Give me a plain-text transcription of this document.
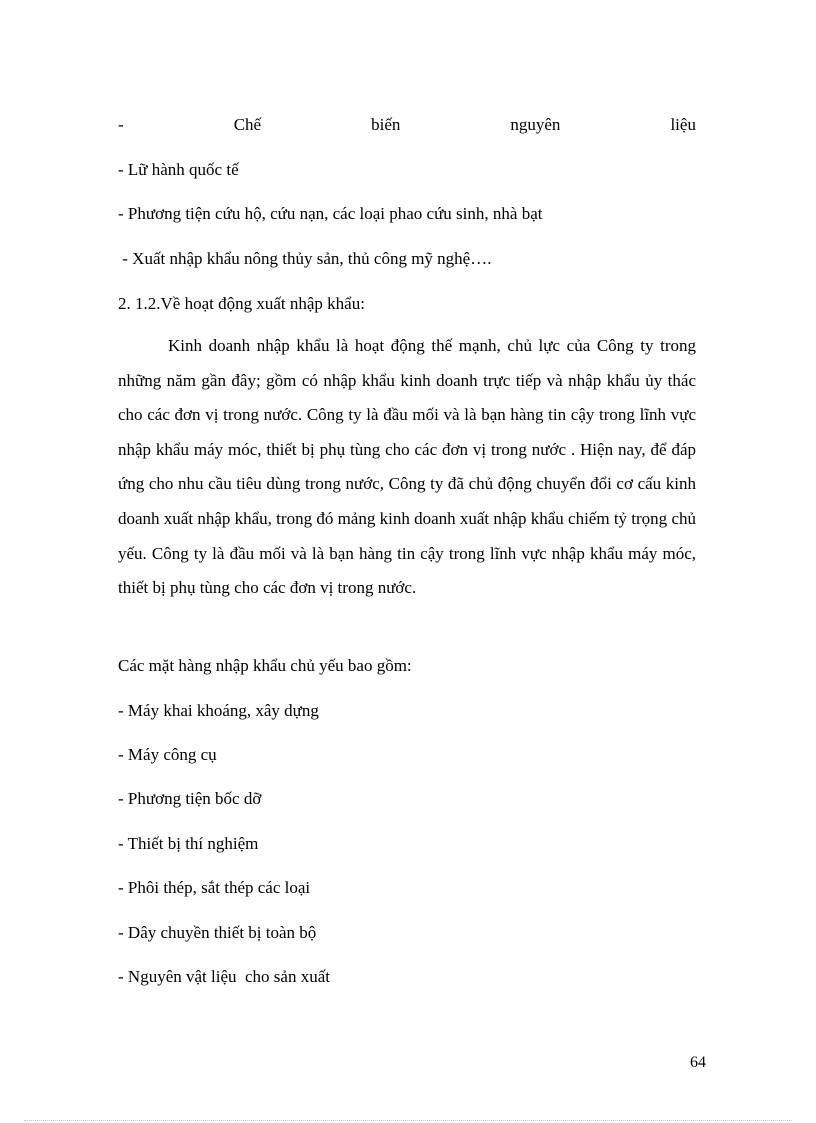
-	Chế	biến	nguyên	liệu
- Lữ hành quốc tế
- Phương tiện cứu hộ, cứu nạn, các loại phao cứu sinh, nhà bạt
- Xuất nhập khẩu nông thủy sản, thủ công mỹ nghệ….
2. 1.2.Về hoạt động xuất nhập khẩu:
Kinh doanh nhập khẩu là hoạt động thế mạnh, chủ lực của Công ty trong những năm gần đây; gồm có nhập khẩu kinh doanh trực tiếp và nhập khẩu ủy thác cho các đơn vị trong nước. Công ty là đầu mối và là bạn hàng tin cậy trong lĩnh vực nhập khẩu máy móc, thiết bị phụ tùng cho các đơn vị trong nước . Hiện nay, để đáp ứng cho nhu cầu tiêu dùng trong nước, Công ty đã chủ động chuyển đổi cơ cấu kinh doanh xuất nhập khẩu, trong đó mảng kinh doanh xuất nhập khẩu chiếm tỷ trọng chủ yếu. Công ty là đầu mối và là bạn hàng tin cậy trong lĩnh vực nhập khẩu máy móc, thiết bị phụ tùng cho các đơn vị trong nước.
Các mặt hàng nhập khẩu chủ yếu bao gồm:
- Máy khai khoáng, xây dựng
- Máy công cụ
- Phương tiện bốc dỡ
- Thiết bị thí nghiệm
- Phôi thép, sắt thép các loại
- Dây chuyền thiết bị toàn bộ
- Nguyên vật liệu  cho sản xuất
64
